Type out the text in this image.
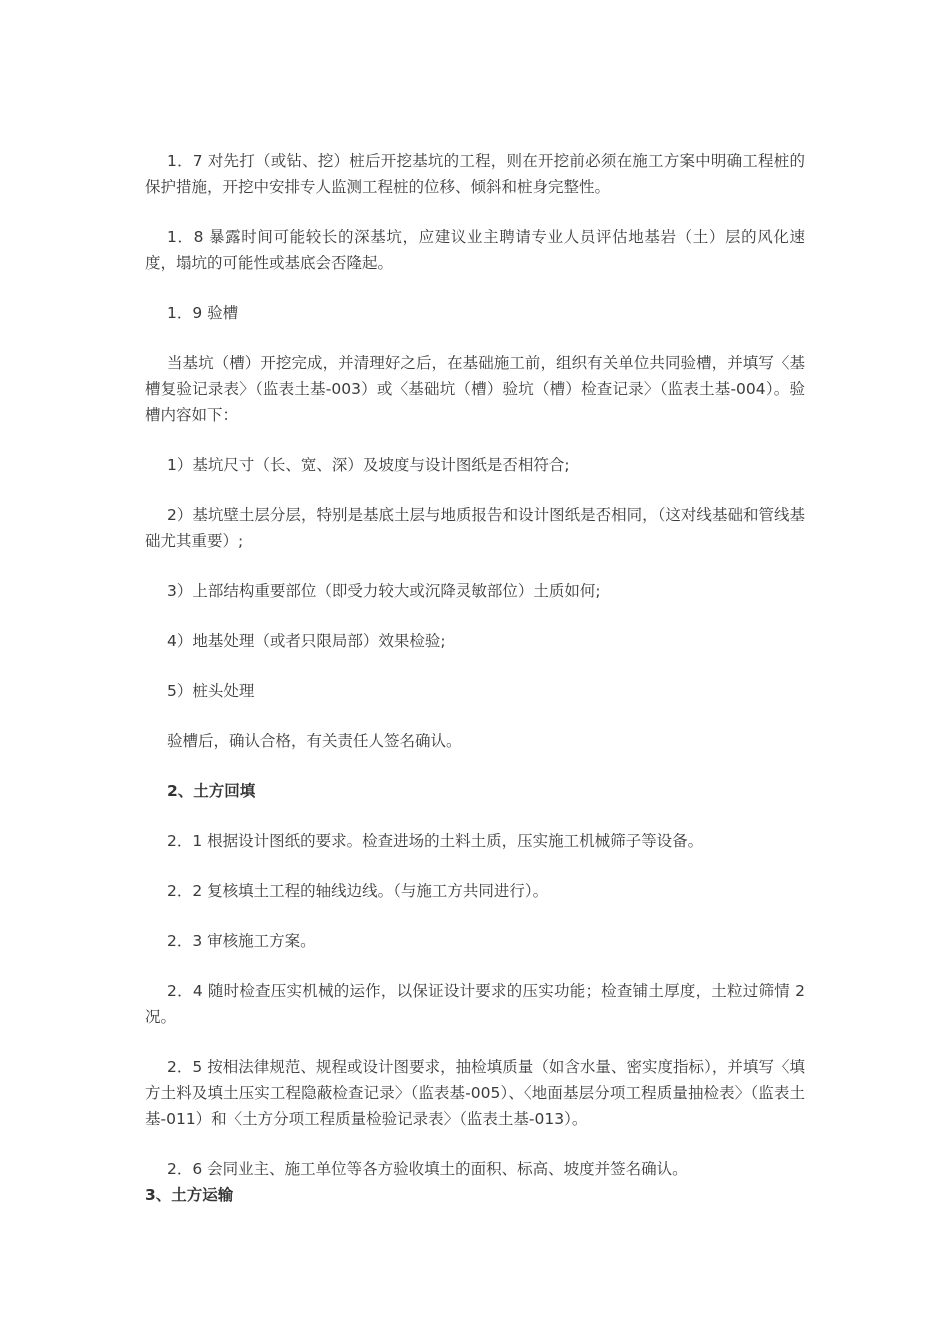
1．7 对先打（或钻、挖）桩后开挖基坑的工程，则在开挖前必须在施工方案中明确工程桩的保护措施，开挖中安排专人监测工程桩的位移、倾斜和桩身完整性。

1．8 暴露时间可能较长的深基坑，应建议业主聘请专业人员评估地基岩（土）层的风化速度，塌坑的可能性或基底会否隆起。

1．9 验槽

当基坑（槽）开挖完成，并清理好之后，在基础施工前，组织有关单位共同验槽，并填写〈基槽复验记录表〉（监表土基-003）或〈基础坑（槽）验坑（槽）检查记录〉（监表土基-004）。验槽内容如下：

1）基坑尺寸（长、宽、深）及坡度与设计图纸是否相符合;

2）基坑壁土层分层，特别是基底土层与地质报告和设计图纸是否相同，（这对线基础和管线基础尤其重要）;

3）上部结构重要部位（即受力较大或沉降灵敏部位）土质如何;

4）地基处理（或者只限局部）效果检验;

5）桩头处理

验槽后，确认合格，有关责任人签名确认。

2、土方回填

2．1 根据设计图纸的要求。检查进场的土料土质，压实施工机械筛子等设备。

2．2 复核填土工程的轴线边线。（与施工方共同进行）。

2．3 审核施工方案。

2．4 随时检查压实机械的运作，以保证设计要求的压实功能；检查铺土厚度，土粒过筛情 2 况。

2．5 按相法律规范、规程或设计图要求，抽检填质量（如含水量、密实度指标），并填写〈填方土料及填土压实工程隐蔽检查记录〉（监表基-005）、〈地面基层分项工程质量抽检表〉（监表土基-011）和〈土方分项工程质量检验记录表〉（监表土基-013）。

2．6 会同业主、施工单位等各方验收填土的面积、标高、坡度并签名确认。

3、土方运输
